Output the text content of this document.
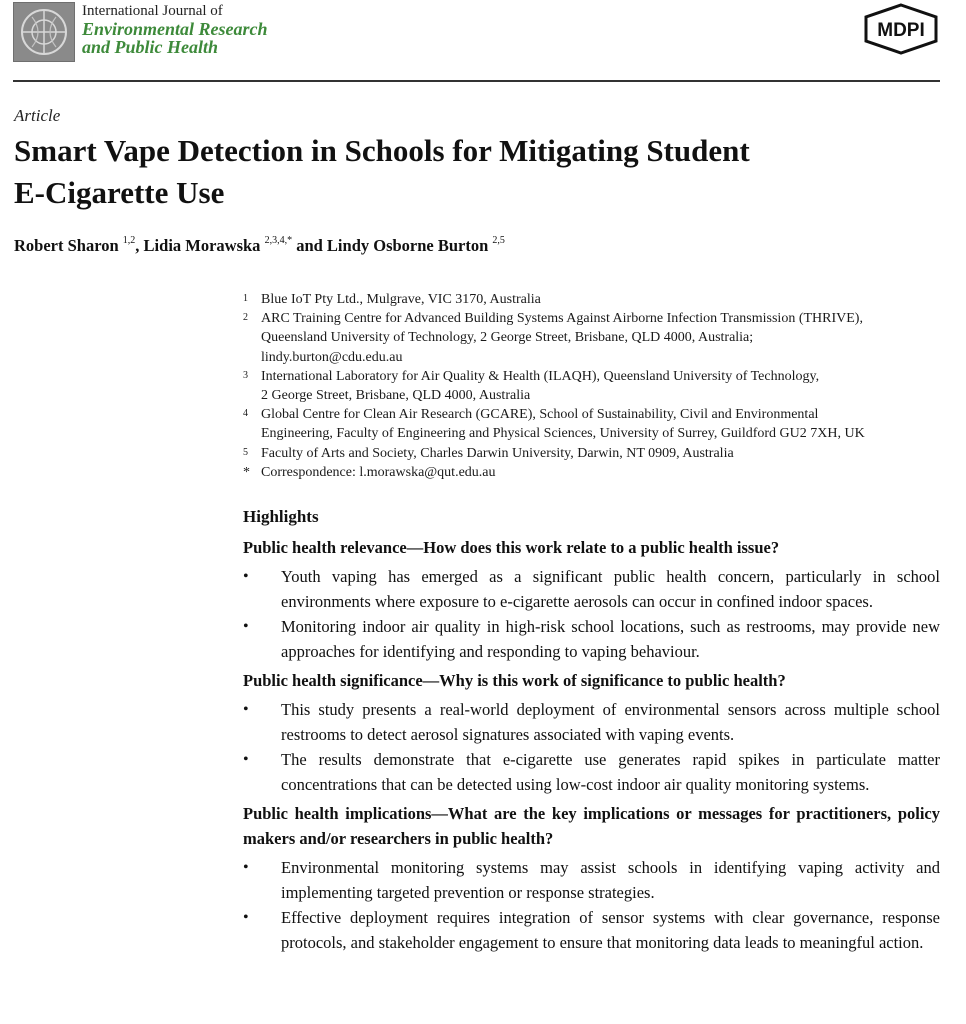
International Journal of
Environmental Research
and Public Health
MDPI
Article
Smart Vape Detection in Schools for Mitigating Student
E-Cigarette Use
Robert Sharon $^{1,2}$, Lidia Morawska $^{2,3,4,*}$ and Lindy Osborne Burton $^{2,5}$
1 Blue IoT Pty Ltd., Mulgrave, VIC 3170, Australia
2 ARC Training Centre for Advanced Building Systems Against Airborne Infection Transmission (THRIVE),
Queensland University of Technology, 2 George Street, Brisbane, QLD 4000, Australia;
lindy.burton@cdu.edu.au
3 International Laboratory for Air Quality & Health (ILAQH), Queensland University of Technology,
2 George Street, Brisbane, QLD 4000, Australia
4 Global Centre for Clean Air Research (GCARE), School of Sustainability, Civil and Environmental
Engineering, Faculty of Engineering and Physical Sciences, University of Surrey, Guildford GU2 7XH, UK
5 Faculty of Arts and Society, Charles Darwin University, Darwin, NT 0909, Australia
* Correspondence: l.morawska@qut.edu.au
Highlights
Public health relevance—How does this work relate to a public health issue?
• Youth vaping has emerged as a significant public health concern, particularly in school environments where exposure to e-cigarette aerosols can occur in confined indoor spaces.
• Monitoring indoor air quality in high-risk school locations, such as restrooms, may provide new approaches for identifying and responding to vaping behaviour.
Public health significance—Why is this work of significance to public health?
• This study presents a real-world deployment of environmental sensors across multiple school restrooms to detect aerosol signatures associated with vaping events.
• The results demonstrate that e-cigarette use generates rapid spikes in particulate matter concentrations that can be detected using low-cost indoor air quality monitoring systems.
Public health implications—What are the key implications or messages for practitioners, policy makers and/or researchers in public health?
• Environmental monitoring systems may assist schools in identifying vaping activity and implementing targeted prevention or response strategies.
• Effective deployment requires integration of sensor systems with clear governance, response protocols, and stakeholder engagement to ensure that monitoring data leads to meaningful action.
